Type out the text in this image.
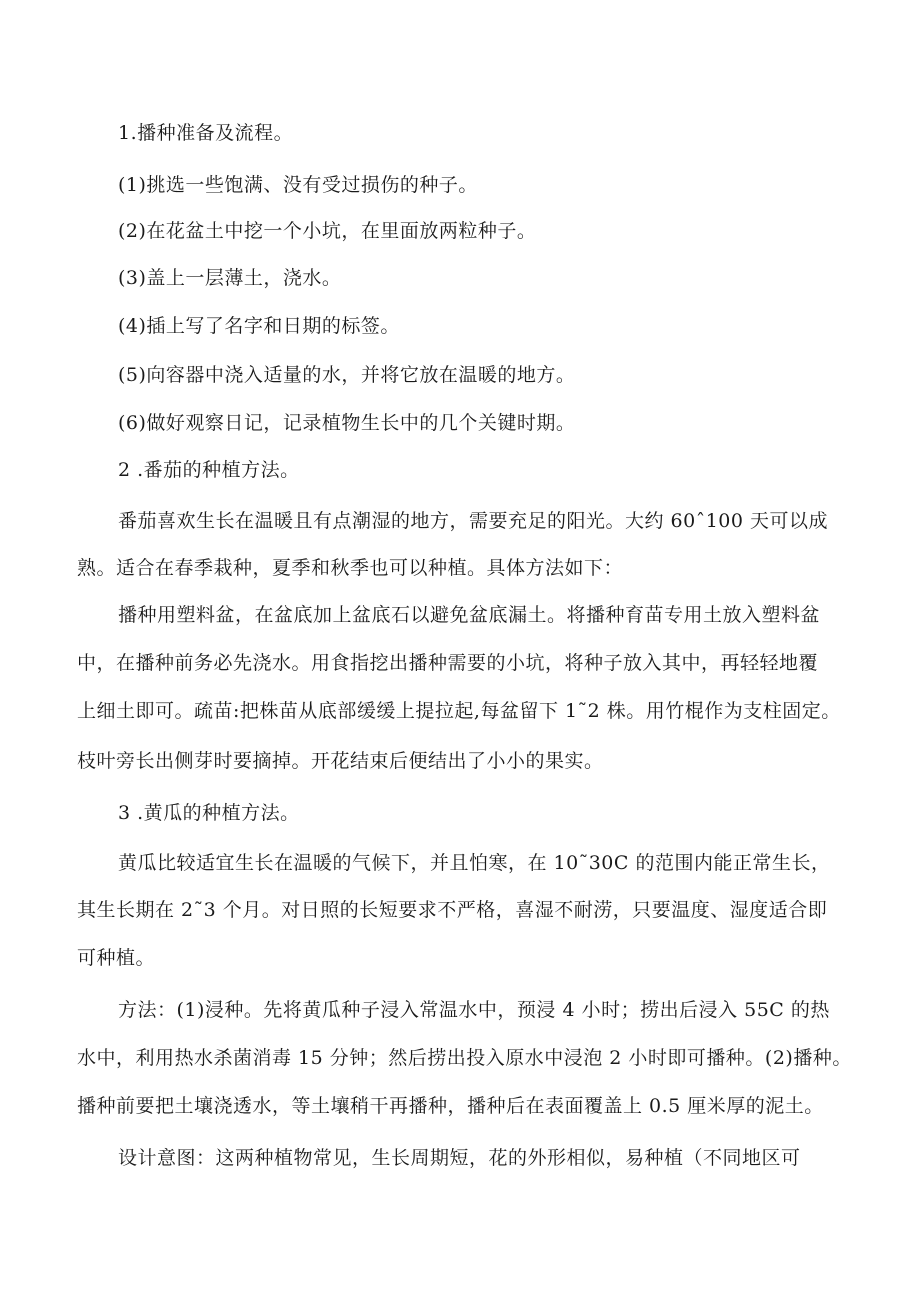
1.播种准备及流程。
(1)挑选一些饱满、没有受过损伤的种子。
(2)在花盆土中挖一个小坑，在里面放两粒种子。
(3)盖上一层薄土，浇水。
(4)插上写了名字和日期的标签。
(5)向容器中浇入适量的水，并将它放在温暖的地方。
(6)做好观察日记，记录植物生长中的几个关键时期。
2 .番茄的种植方法。
番茄喜欢生长在温暖且有点潮湿的地方，需要充足的阳光。大约 60ˆ100 天可以成
熟。适合在春季栽种，夏季和秋季也可以种植。具体方法如下：
播种用塑料盆，在盆底加上盆底石以避免盆底漏土。将播种育苗专用土放入塑料盆
中，在播种前务必先浇水。用食指挖出播种需要的小坑，将种子放入其中，再轻轻地覆
上细土即可。疏苗:把株苗从底部缓缓上提拉起,每盆留下 1˜2 株。用竹棍作为支柱固定。
枝叶旁长出侧芽时要摘掉。开花结束后便结出了小小的果实。
3 .黄瓜的种植方法。
黄瓜比较适宜生长在温暖的气候下，并且怕寒，在 10˜30C 的范围内能正常生长，
其生长期在 2˜3 个月。对日照的长短要求不严格，喜湿不耐涝，只要温度、湿度适合即
可种植。
方法：(1)浸种。先将黄瓜种子浸入常温水中，预浸 4 小时；捞出后浸入 55C 的热
水中，利用热水杀菌消毒 15 分钟；然后捞出投入原水中浸泡 2 小时即可播种。(2)播种。
播种前要把土壤浇透水，等土壤稍干再播种，播种后在表面覆盖上 0.5 厘米厚的泥土。
设计意图：这两种植物常见，生长周期短，花的外形相似，易种植（不同地区可
